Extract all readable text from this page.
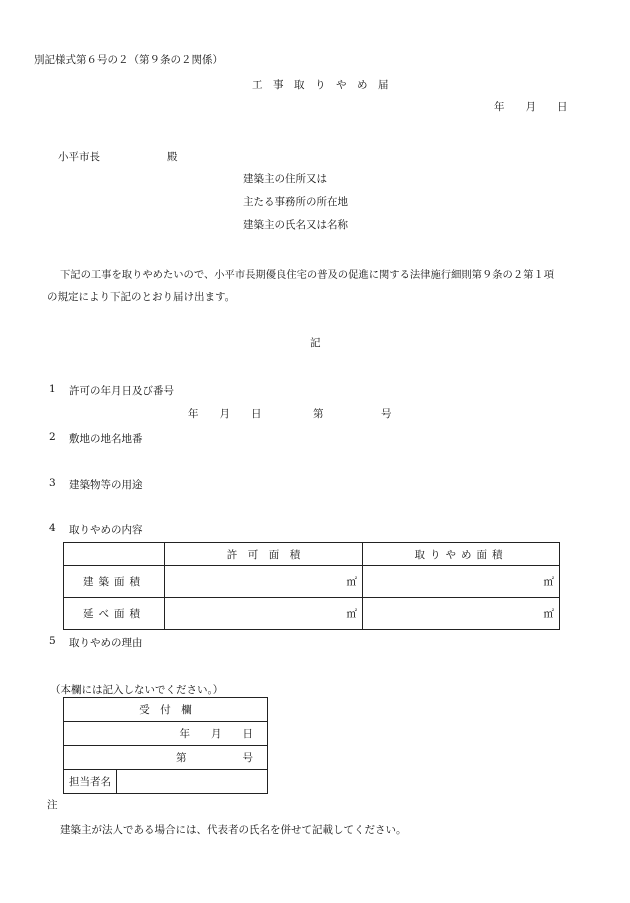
別記様式第６号の２（第９条の２関係）
工　事　取　り　や　め　届
年　　月　　日
小平市長	殿
建築主の住所又は
主たる事務所の所在地
建築主の氏名又は名称
下記の工事を取りやめたいので、小平市長期優良住宅の普及の促進に関する法律施行細則第９条の２第１項
の規定により下記のとおり届け出ます。
記
1 許可の年月日及び番号
年　　月　　日	第	号
2 敷地の地名地番
3 建築物等の用途
4 取りやめの内容
	許　可　面　積	取りやめ面積
建築面積	㎡	㎡
延べ面積	㎡	㎡
5 取りやめの理由
（本欄には記入しないでください。）
受　付　欄
年　　月　　日
第	号

担当者名	
注
建築主が法人である場合には、代表者の氏名を併せて記載してください。
